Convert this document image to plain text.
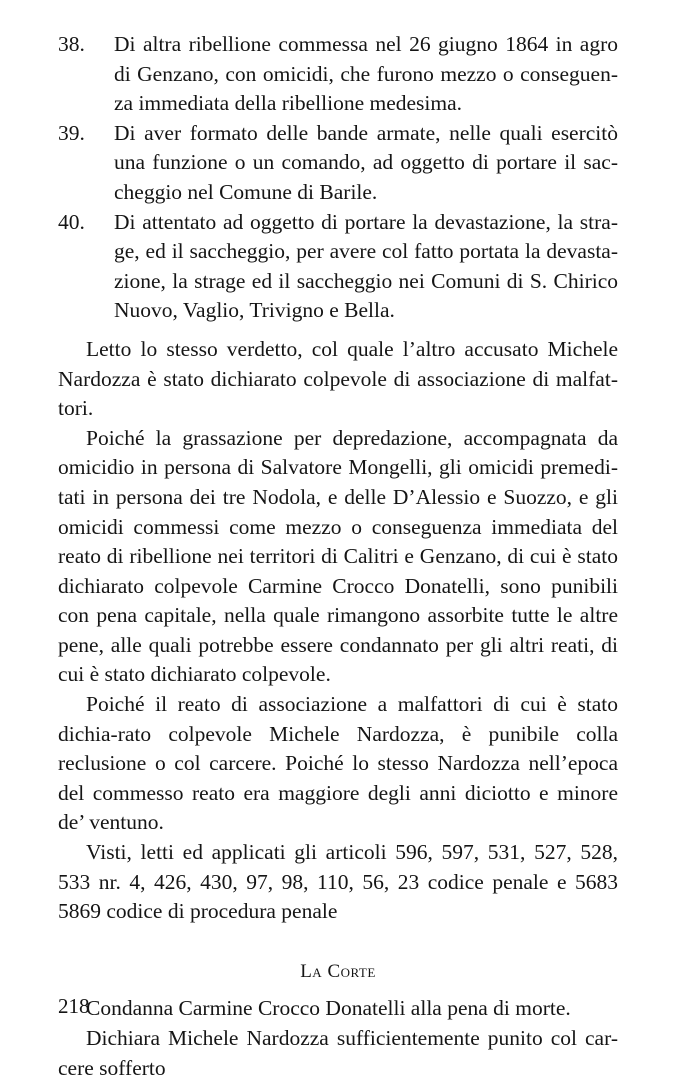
38.	Di altra ribellione commessa nel 26 giugno 1864 in agro di Genzano, con omicidi, che furono mezzo o conseguen-za immediata della ribellione medesima.
39.	Di aver formato delle bande armate, nelle quali esercitò una funzione o un comando, ad oggetto di portare il sac-cheggio nel Comune di Barile.
40.	Di attentato ad oggetto di portare la devastazione, la stra-ge, ed il saccheggio, per avere col fatto portata la devasta-zione, la strage ed il saccheggio nei Comuni di S. Chirico Nuovo, Vaglio, Trivigno e Bella.

Letto lo stesso verdetto, col quale l’altro accusato Michele Nardozza è stato dichiarato colpevole di associazione di malfat-tori.

Poiché la grassazione per depredazione, accompagnata da omicidio in persona di Salvatore Mongelli, gli omicidi premedi-tati in persona dei tre Nodola, e delle D’Alessio e Suozzo, e gli omicidi commessi come mezzo o conseguenza immediata del reato di ribellione nei territori di Calitri e Genzano, di cui è stato dichiarato colpevole Carmine Crocco Donatelli, sono punibili con pena capitale, nella quale rimangono assorbite tutte le altre pene, alle quali potrebbe essere condannato per gli altri reati, di cui è stato dichiarato colpevole.

Poiché il reato di associazione a malfattori di cui è stato dichia-rato colpevole Michele Nardozza, è punibile colla reclusione o col carcere. Poiché lo stesso Nardozza nell’epoca del commesso reato era maggiore degli anni diciotto e minore de’ ventuno.

Visti, letti ed applicati gli articoli 596, 597, 531, 527, 528, 533 nr. 4, 426, 430, 97, 98, 110, 56, 23 codice penale e 5683 5869 codice di procedura penale

La Corte

Condanna Carmine Crocco Donatelli alla pena di morte.

Dichiara Michele Nardozza sufficientemente punito col car-cere sofferto

218
